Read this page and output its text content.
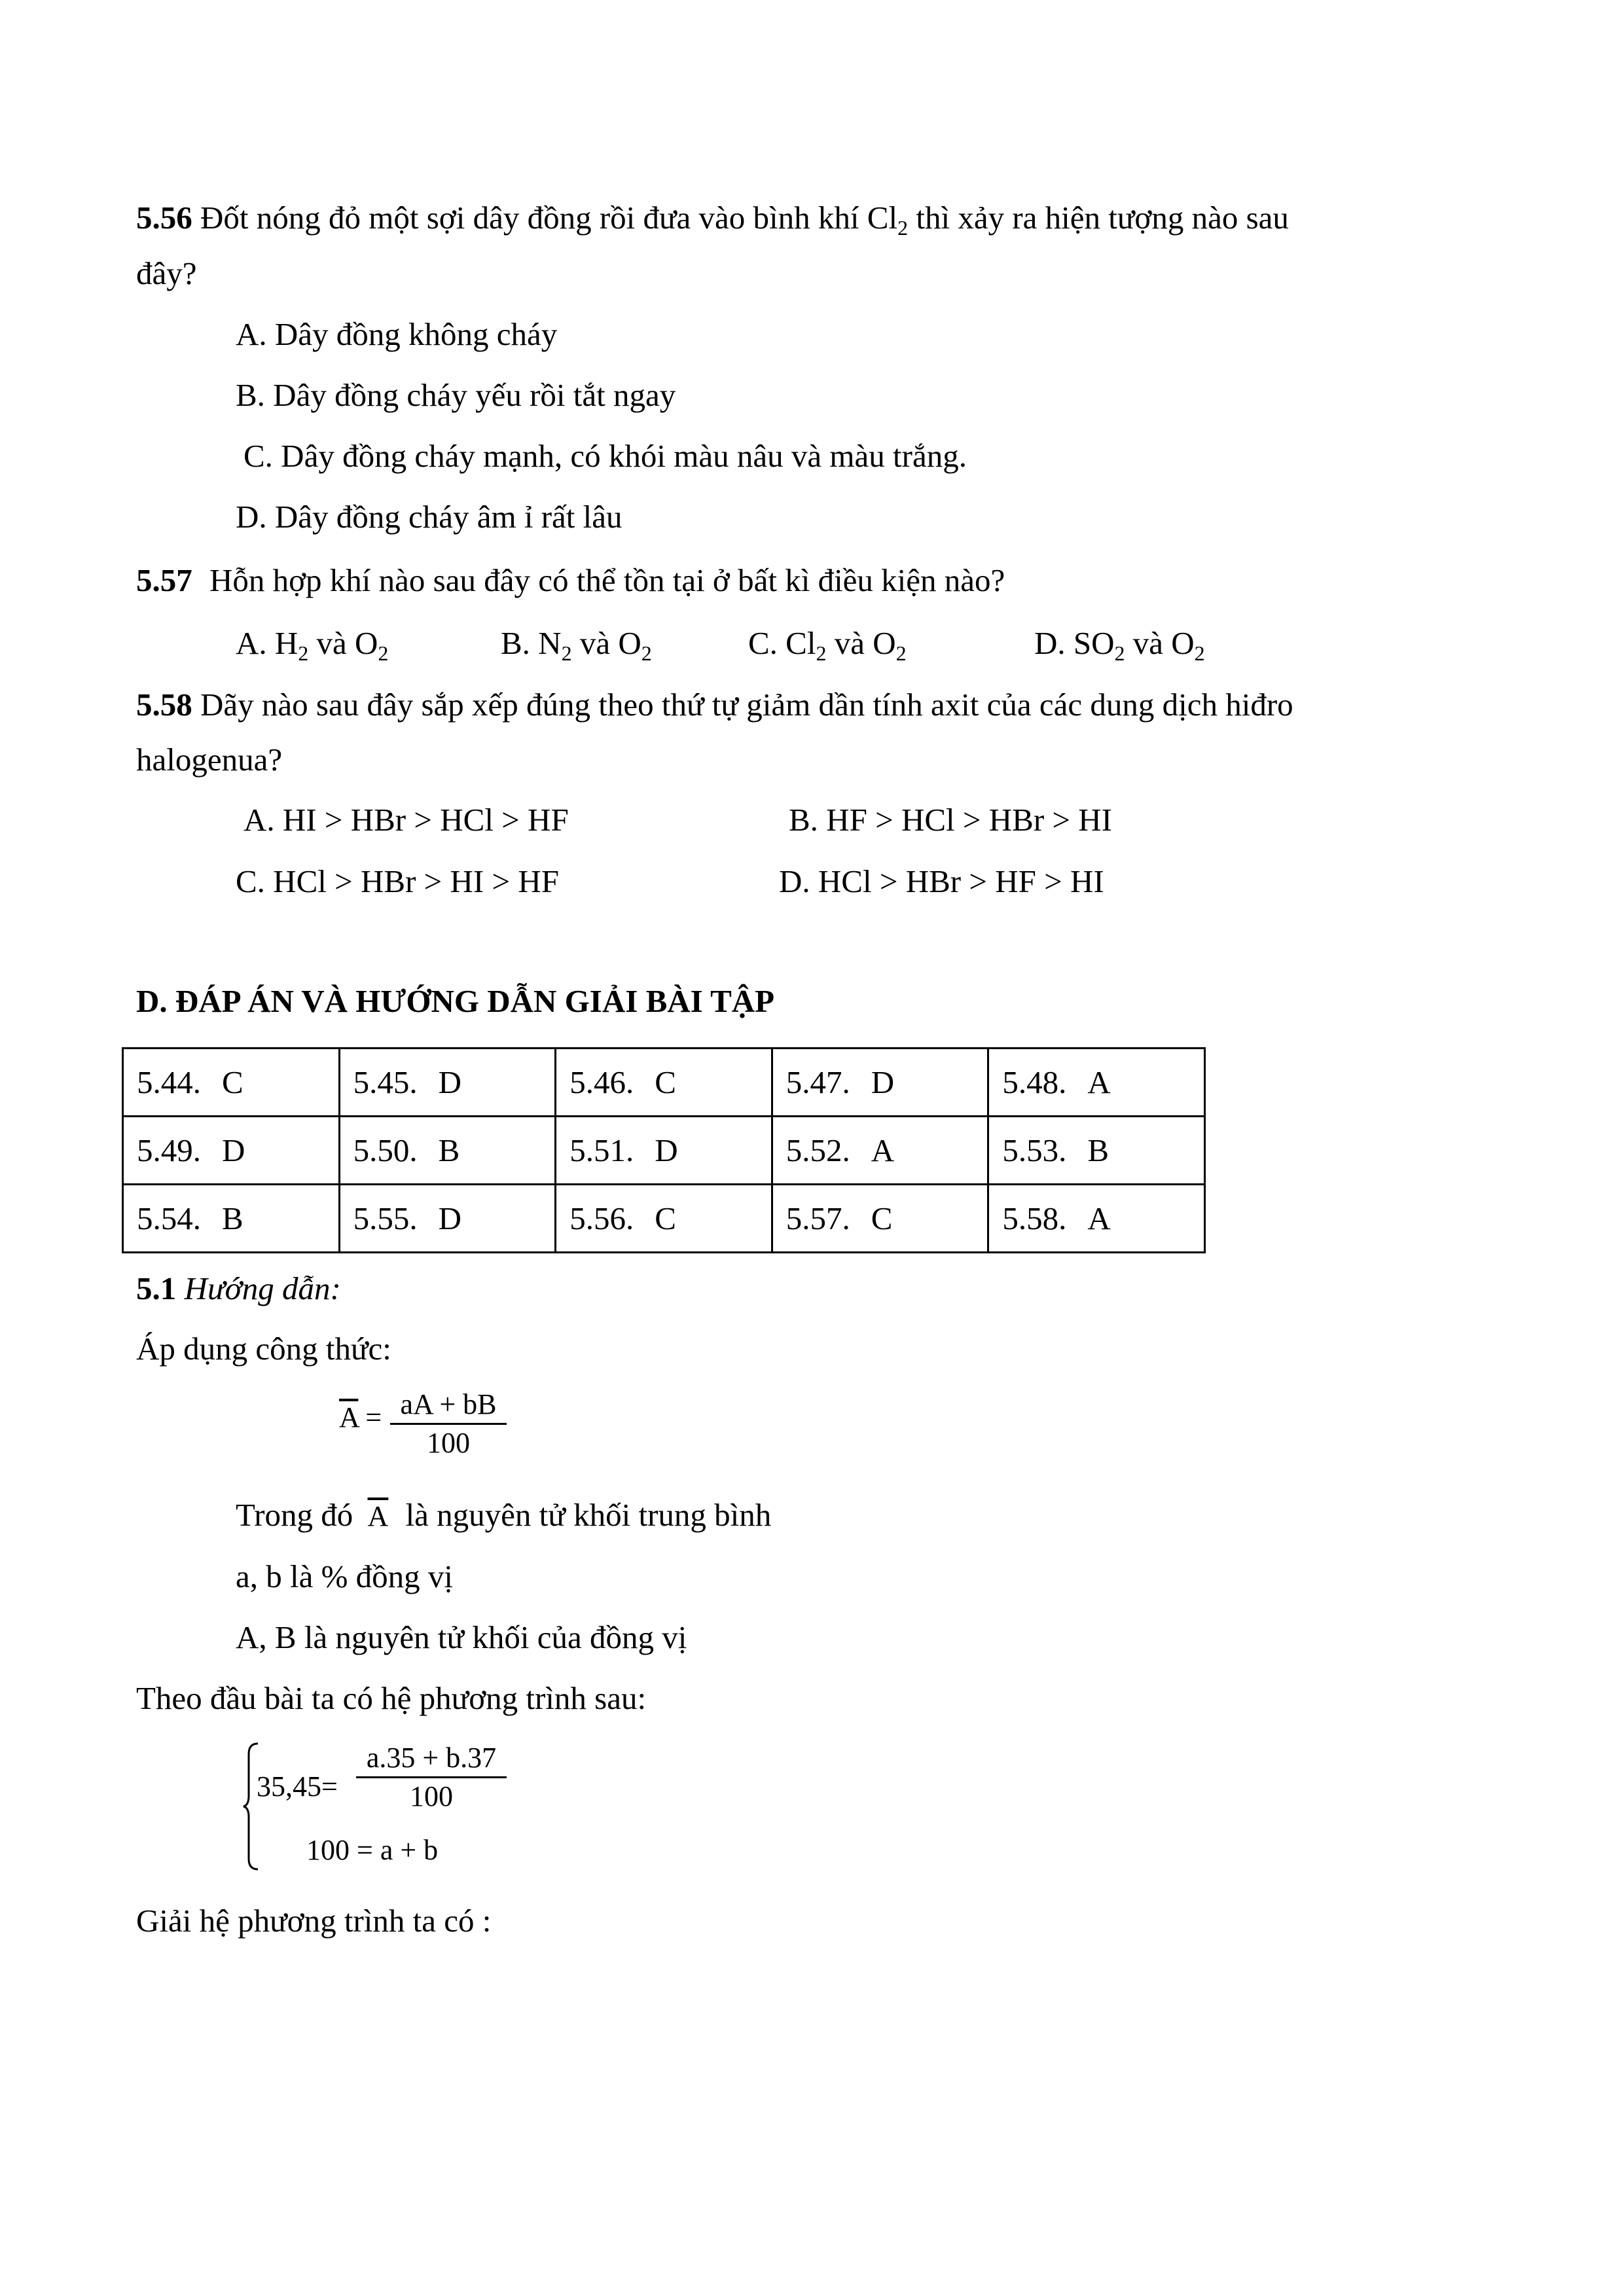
5.56 Đốt nóng đỏ một sợi dây đồng rồi đưa vào bình khí $Cl_2$ thì xảy ra hiện tượng nào sau
đây?
A. Dây đồng không cháy
B. Dây đồng cháy yếu rồi tắt ngay
C. Dây đồng cháy mạnh, có khói màu nâu và màu trắng.
D. Dây đồng cháy âm ỉ rất lâu
5.57 Hỗn hợp khí nào sau đây có thể tồn tại ở bất kì điều kiện nào?
A. $H_2$ và $O_2$	B. $N_2$ và $O_2$	C. $Cl_2$ và $O_2$	D. $SO_2$ và $O_2$
5.58 Dãy nào sau đây sắp xếp đúng theo thứ tự giảm dần tính axit của các dung dịch hiđro
halogenua?
A. HI > HBr > HCl > HF	B. HF > HCl > HBr > HI
C. HCl > HBr > HI > HF	D. HCl > HBr > HF > HI
D. ĐÁP ÁN VÀ HƯỚNG DẪN GIẢI BÀI TẬP
5.44. C	5.45. D	5.46. C	5.47. D	5.48. A
5.49. D	5.50. B	5.51. D	5.52. A	5.53. B
5.54. B	5.55. D	5.56. C	5.57. C	5.58. A
5.1 Hướng dẫn:
Áp dụng công thức:
$\overline{A}$ = aA + bB
100
Trong đó $\overline{A}$ là nguyên tử khối trung bình
a, b là % đồng vị
A, B là nguyên tử khối của đồng vị
Theo đầu bài ta có hệ phương trình sau:
35,45=
a.35 + b.37
100
100 = a + b
Giải hệ phương trình ta có :
